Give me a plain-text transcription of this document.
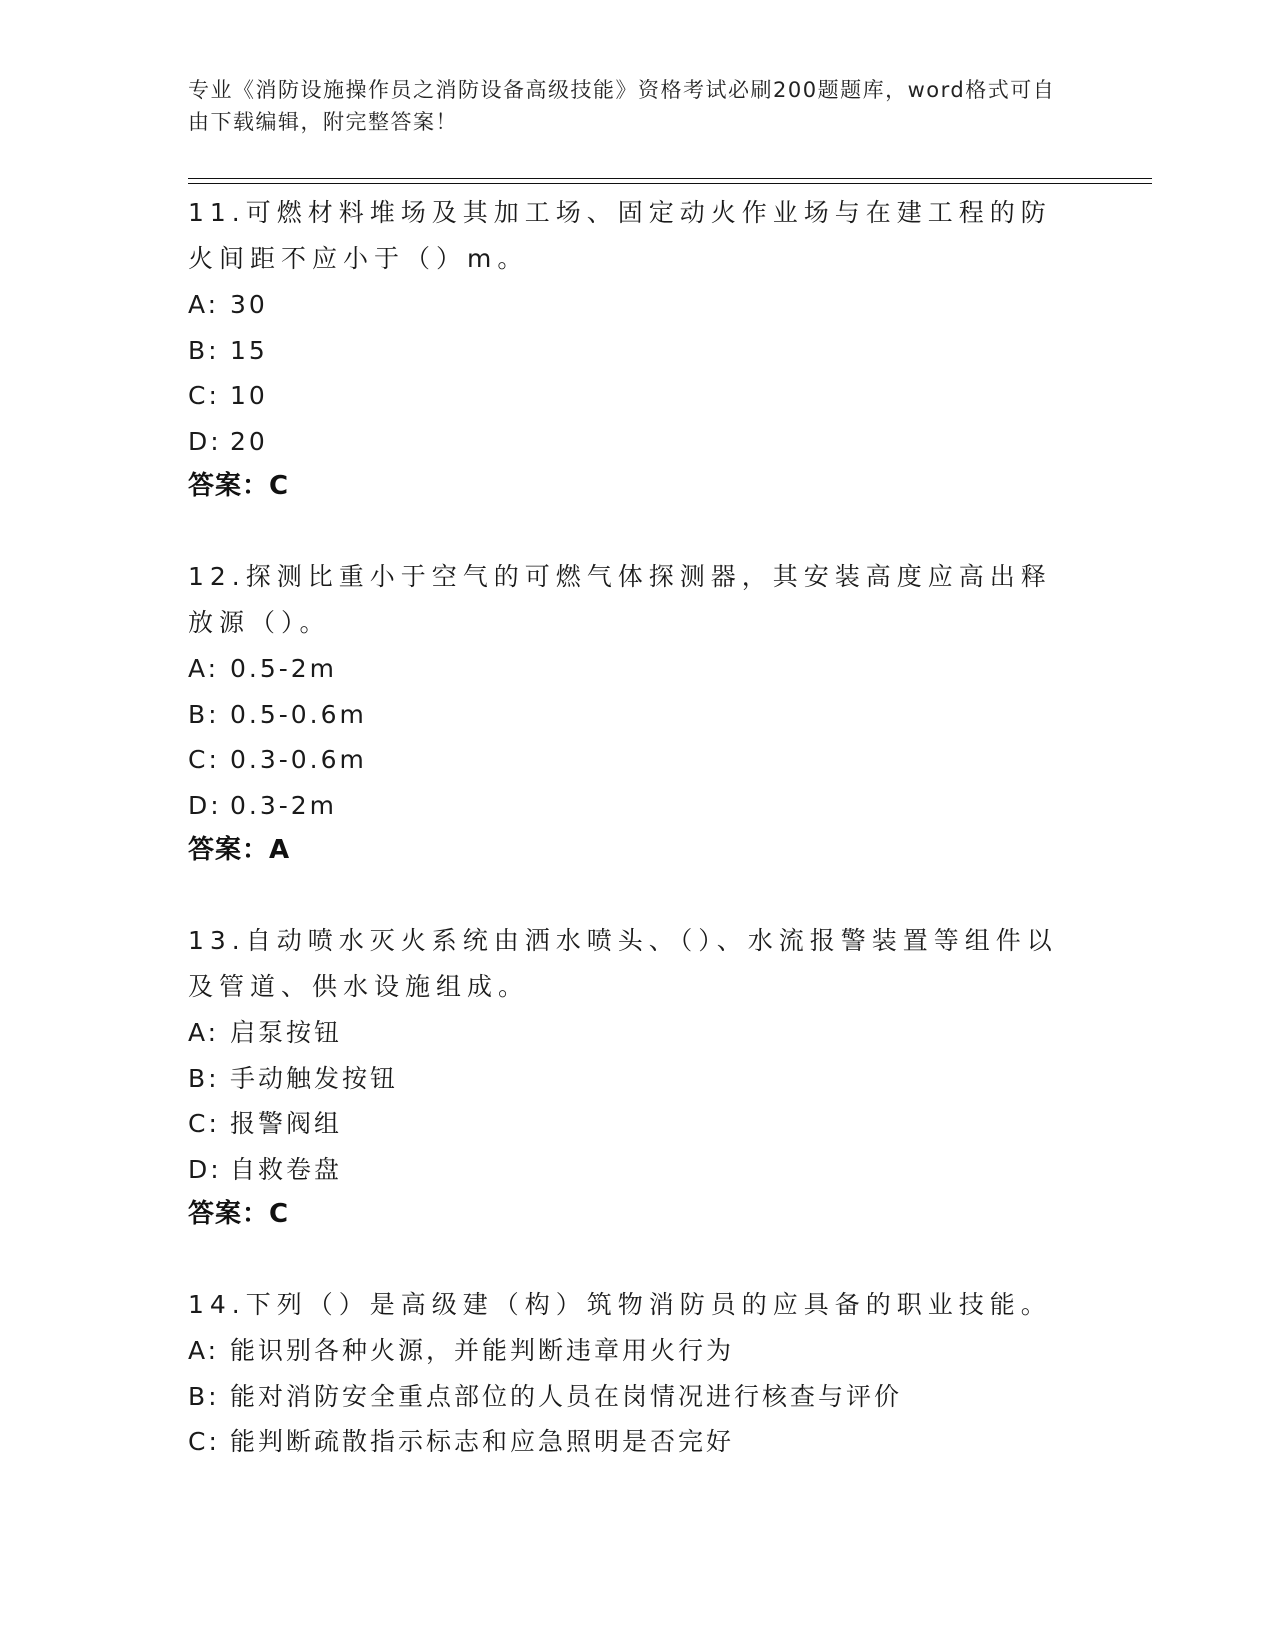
专业《消防设施操作员之消防设备高级技能》资格考试必刷200题题库，word格式可自由下载编辑，附完整答案！
11.可燃材料堆场及其加工场、固定动火作业场与在建工程的防火间距不应小于（）m。
A: 30
B: 15
C: 10
D: 20
答案：C
12.探测比重小于空气的可燃气体探测器，其安装高度应高出释放源（）。
A: 0.5-2m
B: 0.5-0.6m
C: 0.3-0.6m
D: 0.3-2m
答案：A
13.自动喷水灭火系统由洒水喷头、（）、水流报警装置等组件以及管道、供水设施组成。
A: 启泵按钮
B: 手动触发按钮
C: 报警阀组
D: 自救卷盘
答案：C
14.下列（）是高级建（构）筑物消防员的应具备的职业技能。
A: 能识别各种火源，并能判断违章用火行为
B: 能对消防安全重点部位的人员在岗情况进行核查与评价
C: 能判断疏散指示标志和应急照明是否完好
